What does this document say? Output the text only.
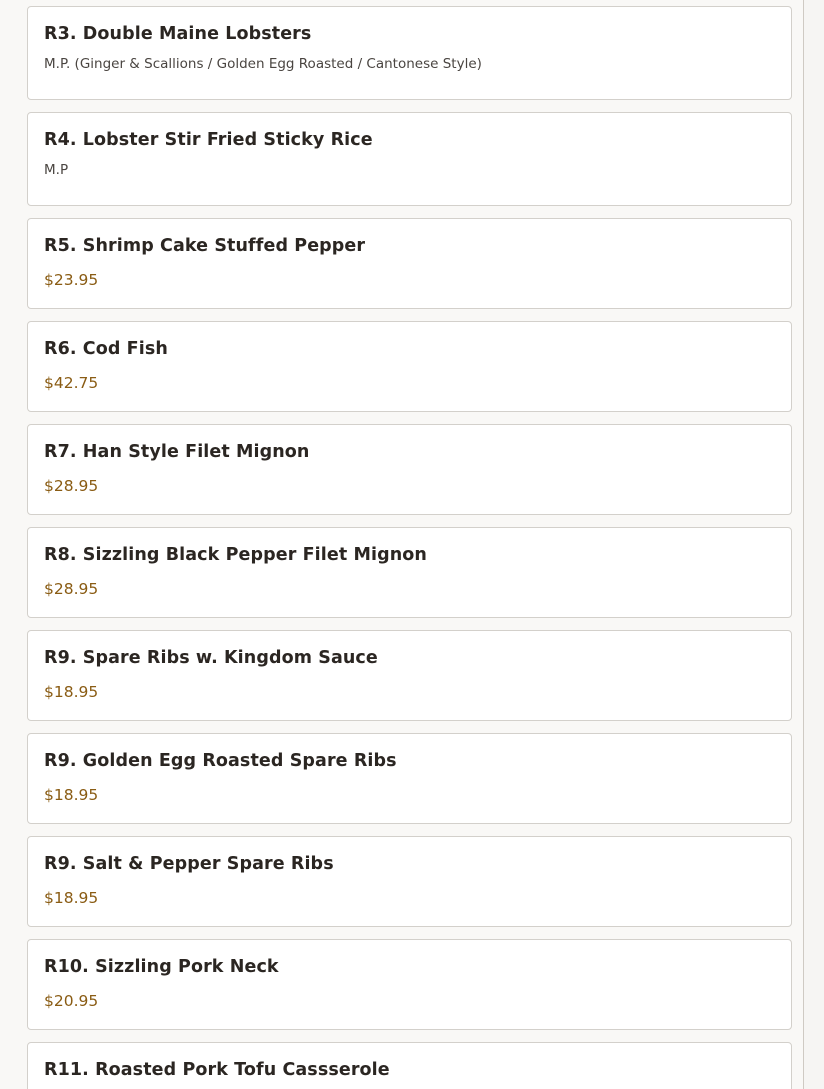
R3. Double Maine Lobsters
M.P. (Ginger & Scallions / Golden Egg Roasted / Cantonese Style)
R4. Lobster Stir Fried Sticky Rice
M.P
R5. Shrimp Cake Stuffed Pepper
$23.95
R6. Cod Fish
$42.75
R7. Han Style Filet Mignon
$28.95
R8. Sizzling Black Pepper Filet Mignon
$28.95
R9. Spare Ribs w. Kingdom Sauce
$18.95
R9. Golden Egg Roasted Spare Ribs
$18.95
R9. Salt & Pepper Spare Ribs
$18.95
R10. Sizzling Pork Neck
$20.95
R11. Roasted Pork Tofu Cassserole
